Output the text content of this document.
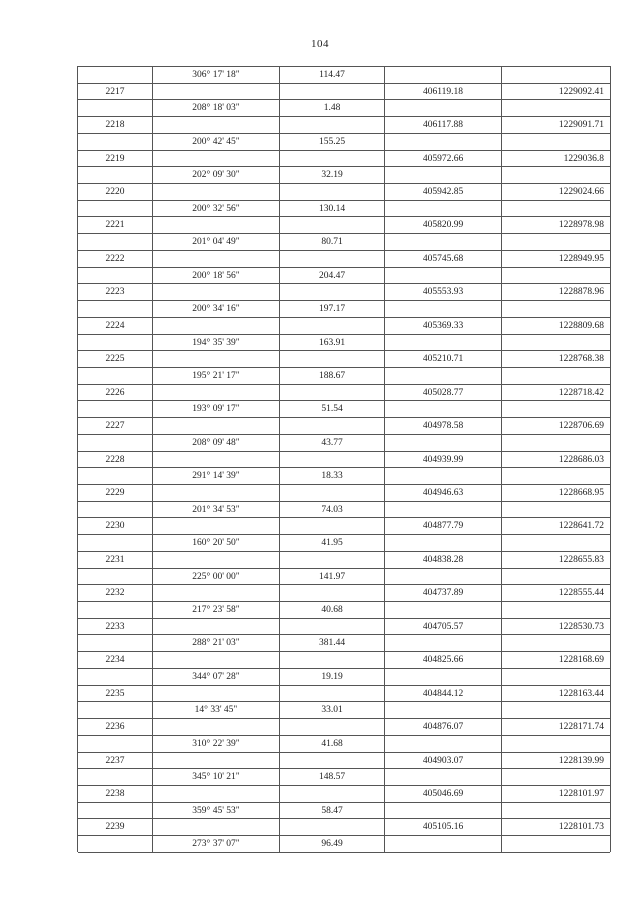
104
306° 17' 18"	114.47
2217	406119.18	1229092.41
208° 18' 03"	1.48
2218	406117.88	1229091.71
200° 42' 45"	155.25
2219	405972.66	1229036.8
202° 09' 30"	32.19
2220	405942.85	1229024.66
200° 32' 56"	130.14
2221	405820.99	1228978.98
201° 04' 49"	80.71
2222	405745.68	1228949.95
200° 18' 56"	204.47
2223	405553.93	1228878.96
200° 34' 16"	197.17
2224	405369.33	1228809.68
194° 35' 39"	163.91
2225	405210.71	1228768.38
195° 21' 17"	188.67
2226	405028.77	1228718.42
193° 09' 17"	51.54
2227	404978.58	1228706.69
208° 09' 48"	43.77
2228	404939.99	1228686.03
291° 14' 39"	18.33
2229	404946.63	1228668.95
201° 34' 53"	74.03
2230	404877.79	1228641.72
160° 20' 50"	41.95
2231	404838.28	1228655.83
225° 00' 00"	141.97
2232	404737.89	1228555.44
217° 23' 58"	40.68
2233	404705.57	1228530.73
288° 21' 03"	381.44
2234	404825.66	1228168.69
344° 07' 28"	19.19
2235	404844.12	1228163.44
14° 33' 45"	33.01
2236	404876.07	1228171.74
310° 22' 39"	41.68
2237	404903.07	1228139.99
345° 10' 21"	148.57
2238	405046.69	1228101.97
359° 45' 53"	58.47
2239	405105.16	1228101.73
273° 37' 07"	96.49
